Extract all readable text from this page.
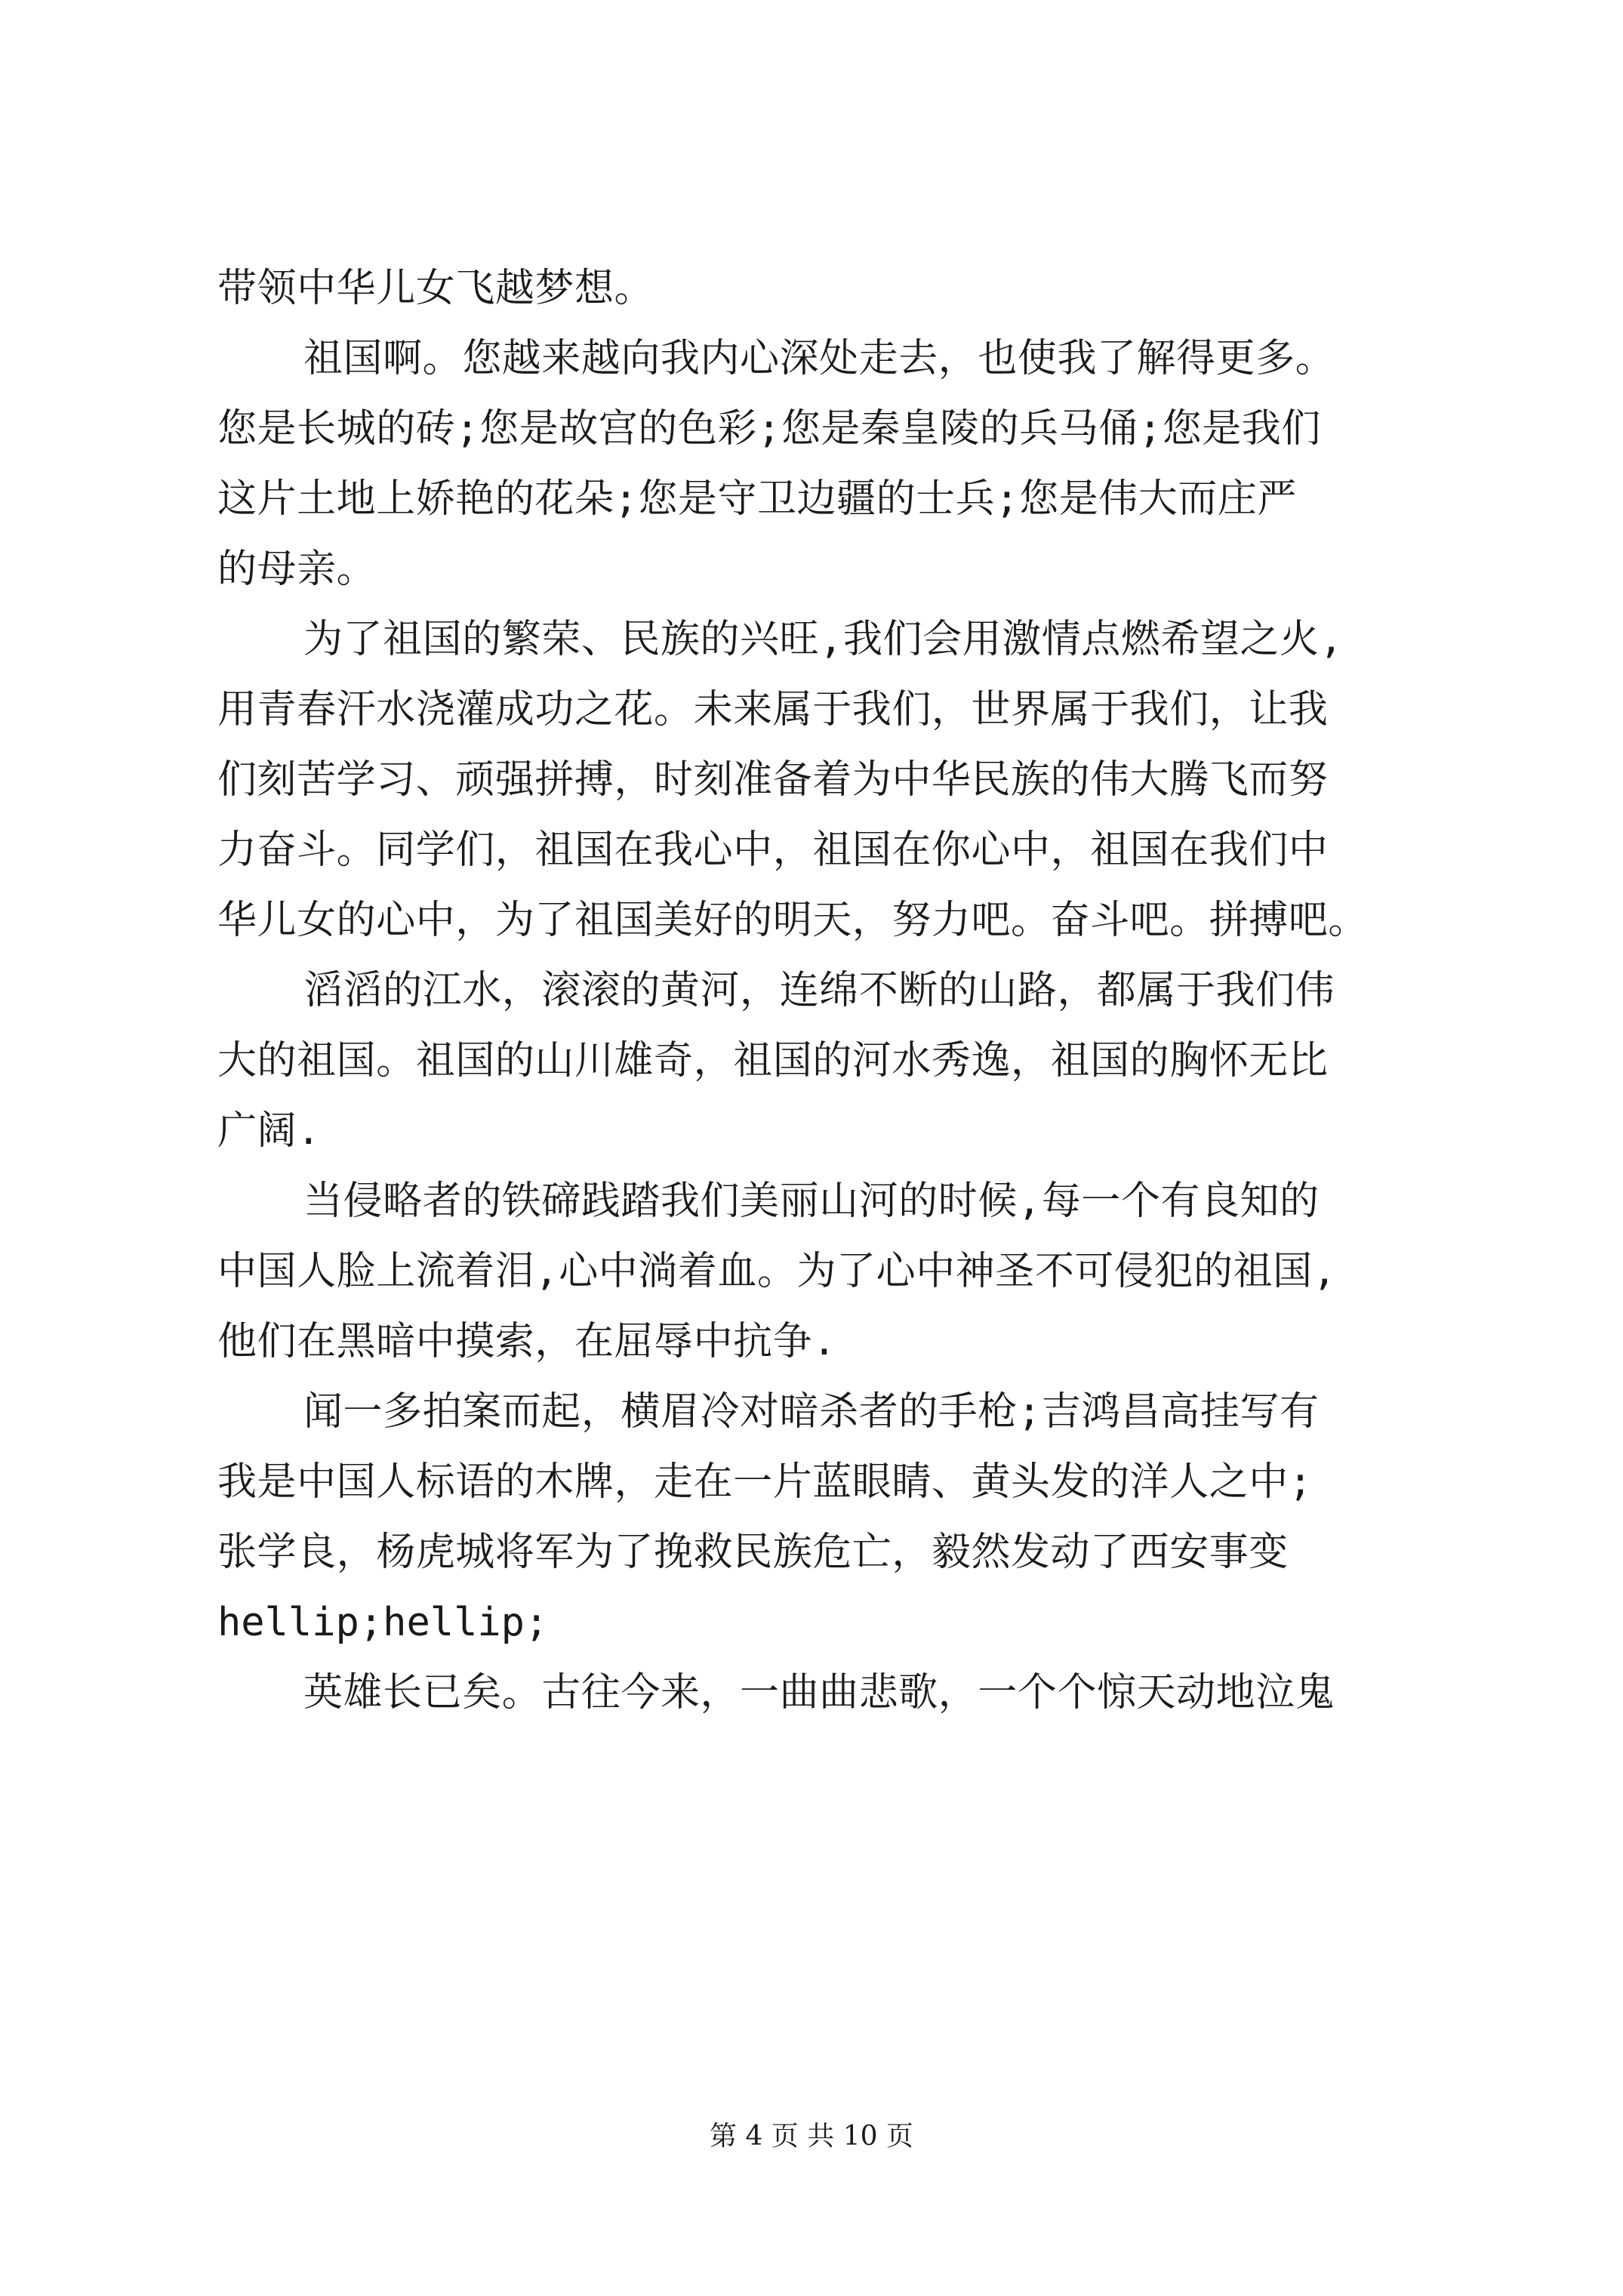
带领中华儿女飞越梦想。
祖国啊。您越来越向我内心深处走去，也使我了解得更多。
您是长城的砖;您是故宫的色彩;您是秦皇陵的兵马俑;您是我们
这片土地上娇艳的花朵;您是守卫边疆的士兵;您是伟大而庄严
的母亲。
为了祖国的繁荣、民族的兴旺,我们会用激情点燃希望之火,
用青春汗水浇灌成功之花。未来属于我们，世界属于我们，让我
们刻苦学习、顽强拼搏，时刻准备着为中华民族的伟大腾飞而努
力奋斗。同学们，祖国在我心中，祖国在你心中，祖国在我们中
华儿女的心中，为了祖国美好的明天，努力吧。奋斗吧。拼搏吧。
滔滔的江水，滚滚的黄河，连绵不断的山路，都属于我们伟
大的祖国。祖国的山川雄奇，祖国的河水秀逸，祖国的胸怀无比
广阔.
当侵略者的铁碲践踏我们美丽山河的时候,每一个有良知的
中国人脸上流着泪,心中淌着血。为了心中神圣不可侵犯的祖国,
他们在黑暗中摸索，在屈辱中抗争.
闻一多拍案而起，横眉冷对暗杀者的手枪;吉鸿昌高挂写有
我是中国人标语的木牌，走在一片蓝眼睛、黄头发的洋人之中;
张学良，杨虎城将军为了挽救民族危亡，毅然发动了西安事变
hellip;hellip;
英雄长已矣。古往今来，一曲曲悲歌，一个个惊天动地泣鬼
第 4 页 共 10 页
